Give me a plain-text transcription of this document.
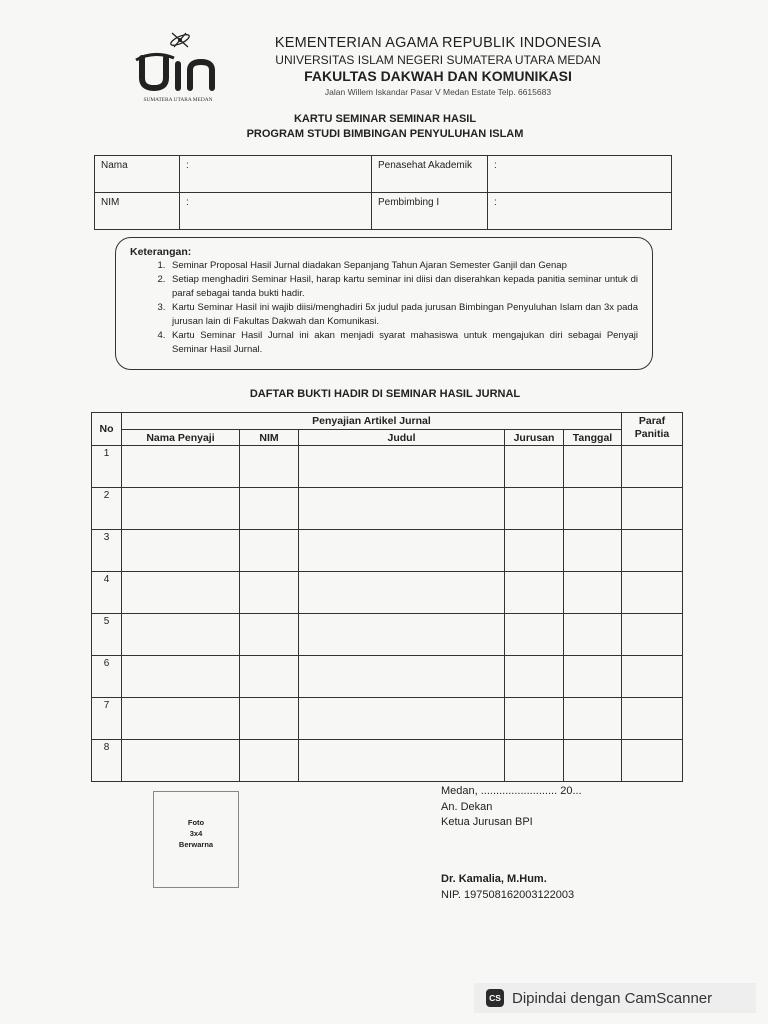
SUMATERA UTARA MEDAN
KEMENTERIAN AGAMA REPUBLIK INDONESIA
UNIVERSITAS ISLAM NEGERI SUMATERA UTARA MEDAN
FAKULTAS DAKWAH DAN KOMUNIKASI
Jalan Willem Iskandar Pasar V Medan Estate Telp. 6615683
KARTU SEMINAR SEMINAR HASIL
PROGRAM STUDI BIMBINGAN PENYULUHAN ISLAM
Nama	:	Penasehat Akademik	:
NIM	:	Pembimbing I	:
Keterangan:
1. Seminar Proposal Hasil Jurnal diadakan Sepanjang Tahun Ajaran Semester Ganjil dan Genap
2. Setiap menghadiri Seminar Hasil, harap kartu seminar ini diisi dan diserahkan kepada panitia seminar untuk di paraf sebagai tanda bukti hadir.
3. Kartu Seminar Hasil ini wajib diisi/menghadiri 5x judul pada jurusan Bimbingan Penyuluhan Islam dan 3x pada jurusan lain di Fakultas Dakwah dan Komunikasi.
4. Kartu Seminar Hasil Jurnal ini akan menjadi syarat mahasiswa untuk mengajukan diri sebagai Penyaji Seminar Hasil Jurnal.
DAFTAR BUKTI HADIR DI SEMINAR HASIL JURNAL
No	Penyajian Artikel Jurnal					Paraf Panitia
	Nama Penyaji	NIM	Judul	Jurusan	Tanggal	
1						
2						
3						
4						
5						
6						
7						
8						
Foto
3x4
Berwarna
Medan, ......................... 20...
An. Dekan
Ketua Jurusan BPI
Dr. Kamalia, M.Hum.
NIP. 197508162003122003
CS Dipindai dengan CamScanner
